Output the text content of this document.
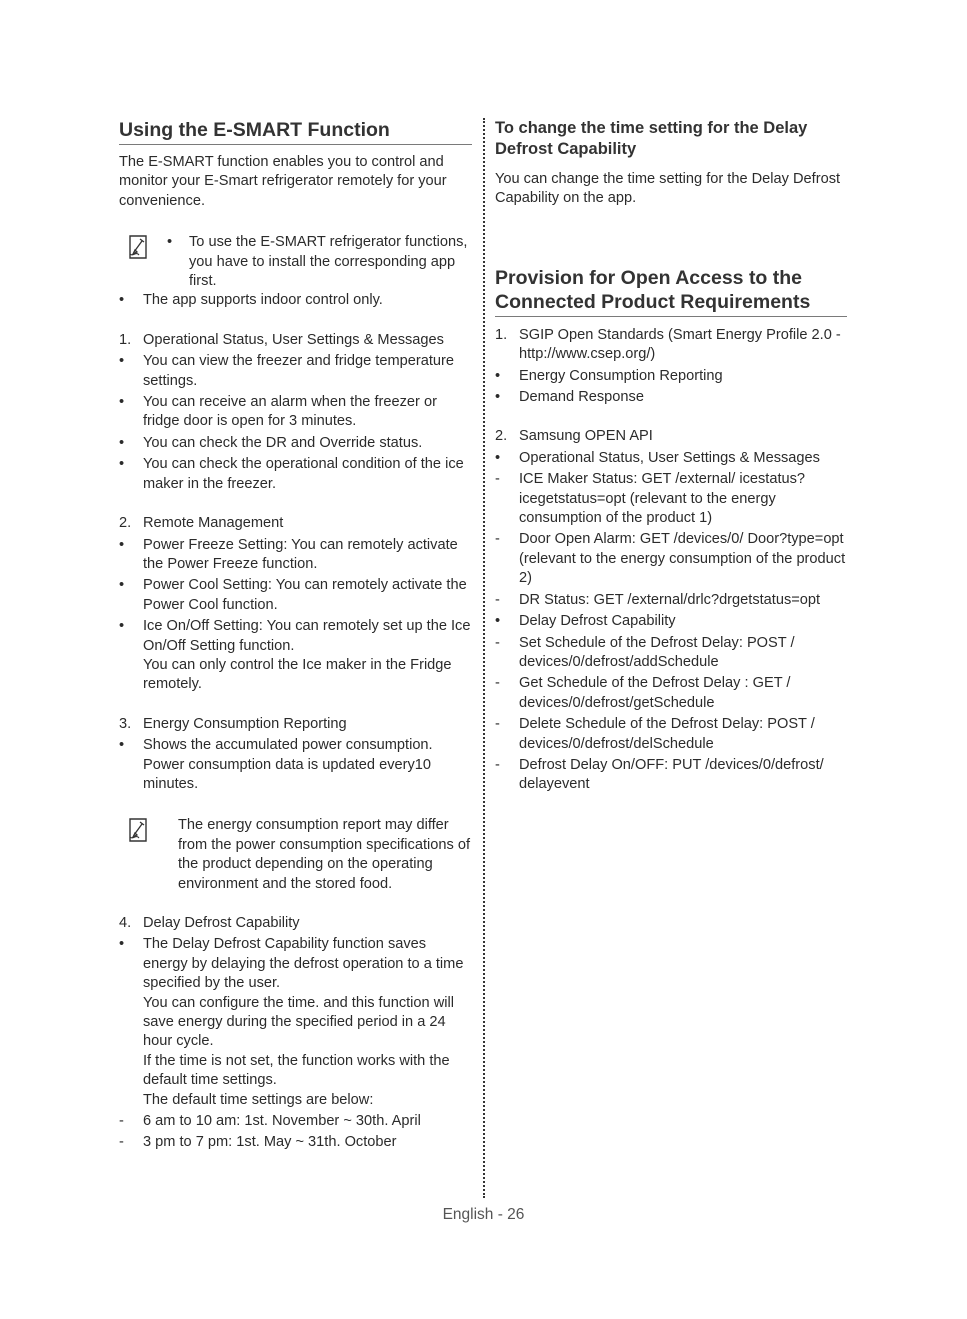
Using the E-SMART Function

The E-SMART function enables you to control and monitor your E-Smart refrigerator remotely for your convenience.

• To use the E-SMART refrigerator functions, you have to install the corresponding app first.
•	The app supports indoor control only.
1. Operational Status, User Settings & Messages
•	You can view the freezer and fridge temperature settings.
•	You can receive an alarm when the freezer or fridge door is open for 3 minutes.
•	You can check the DR and Override status.
•	You can check the operational condition of the ice maker in the freezer.
2. Remote Management
•	Power Freeze Setting: You can remotely activate the Power Freeze function.
•	Power Cool Setting: You can remotely activate the Power Cool function.
•	Ice On/Off Setting: You can remotely set up the Ice On/Off Setting function.
You can only control the Ice maker in the Fridge remotely.
3. Energy Consumption Reporting
•	Shows the accumulated power consumption.
Power consumption data is updated every10 minutes.
The energy consumption report may differ from the power consumption specifications of the product depending on the operating environment and the stored food.
4. Delay Defrost Capability
•	The Delay Defrost Capability function saves energy by delaying the defrost operation to a time specified by the user.
You can configure the time. and this function will save energy during the specified period in a 24 hour cycle.
If the time is not set, the function works with the default time settings.
The default time settings are below:
-	6 am to 10 am: 1st. November ~ 30th. April
-	3 pm to 7 pm: 1st. May ~ 31th. October
To change the time setting for the Delay Defrost Capability

You can change the time setting for the Delay Defrost Capability on the app.

Provision for Open Access to the Connected Product Requirements
1. SGIP Open Standards (Smart Energy Profile 2.0 - http://www.csep.org/)
•	Energy Consumption Reporting
•	Demand Response
2. Samsung OPEN API
•	Operational Status, User Settings & Messages
-	ICE Maker Status: GET /external/ icestatus?icegetstatus=opt (relevant to the energy consumption of the product 1)
-	Door Open Alarm: GET /devices/0/ Door?type=opt (relevant to the energy consumption of the product 2)
-	DR Status: GET /external/drlc?drgetstatus=opt
•	Delay Defrost Capability
-	Set Schedule of the Defrost Delay: POST / devices/0/defrost/addSchedule
-	Get Schedule of the Defrost Delay : GET / devices/0/defrost/getSchedule
-	Delete Schedule of the Defrost Delay: POST / devices/0/defrost/delSchedule
-	Defrost Delay On/OFF: PUT /devices/0/defrost/ delayevent
English - 26
